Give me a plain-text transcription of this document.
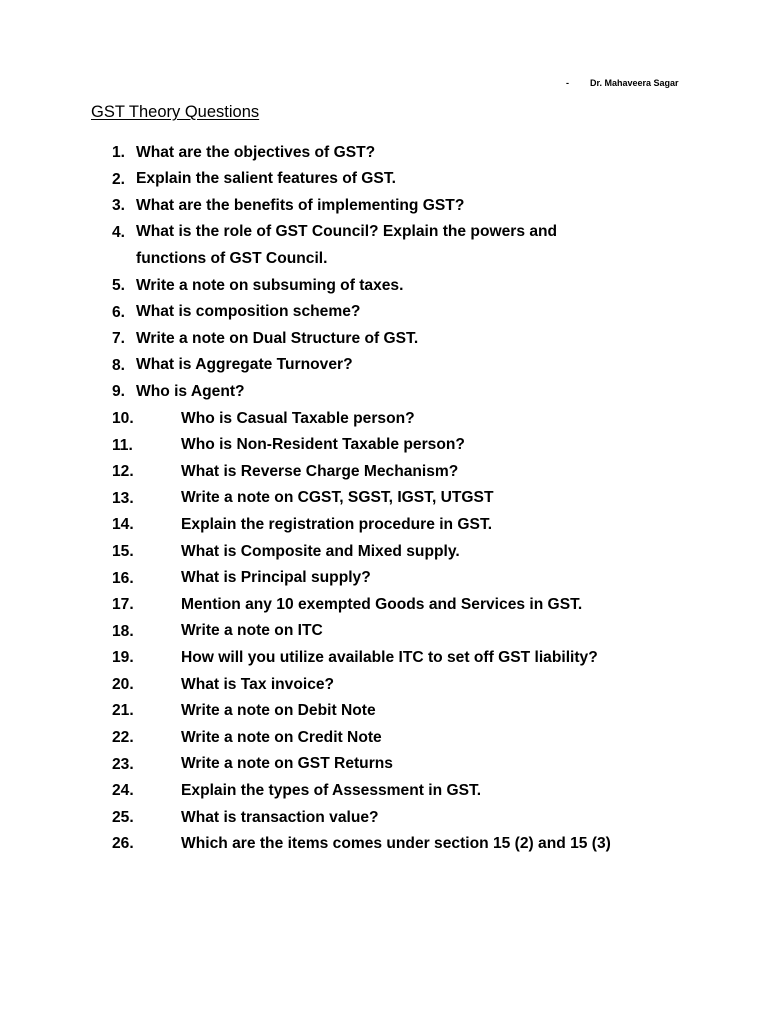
- Dr. Mahaveera Sagar
GST Theory Questions
1. What are the objectives of GST?
2. Explain the salient features of GST.
3. What are the benefits of implementing GST?
4. What is the role of GST Council? Explain the powers and
functions of GST Council.
5. Write a note on subsuming of taxes.
6. What is composition scheme?
7. Write a note on Dual Structure of GST.
8. What is Aggregate Turnover?
9. Who is Agent?
10.	Who is Casual Taxable person?
11.	Who is Non-Resident Taxable person?
12.	What is Reverse Charge Mechanism?
13.	Write a note on CGST, SGST, IGST, UTGST
14.	Explain the registration procedure in GST.
15.	What is Composite and Mixed supply.
16.	What is Principal supply?
17.	Mention any 10 exempted Goods and Services in GST.
18.	Write a note on ITC
19.	How will you utilize available ITC to set off GST liability?
20.	What is Tax invoice?
21.	Write a note on Debit Note
22.	Write a note on Credit Note
23.	Write a note on GST Returns
24.	Explain the types of Assessment in GST.
25.	What is transaction value?
26.	Which are the items comes under section 15 (2) and 15 (3)
